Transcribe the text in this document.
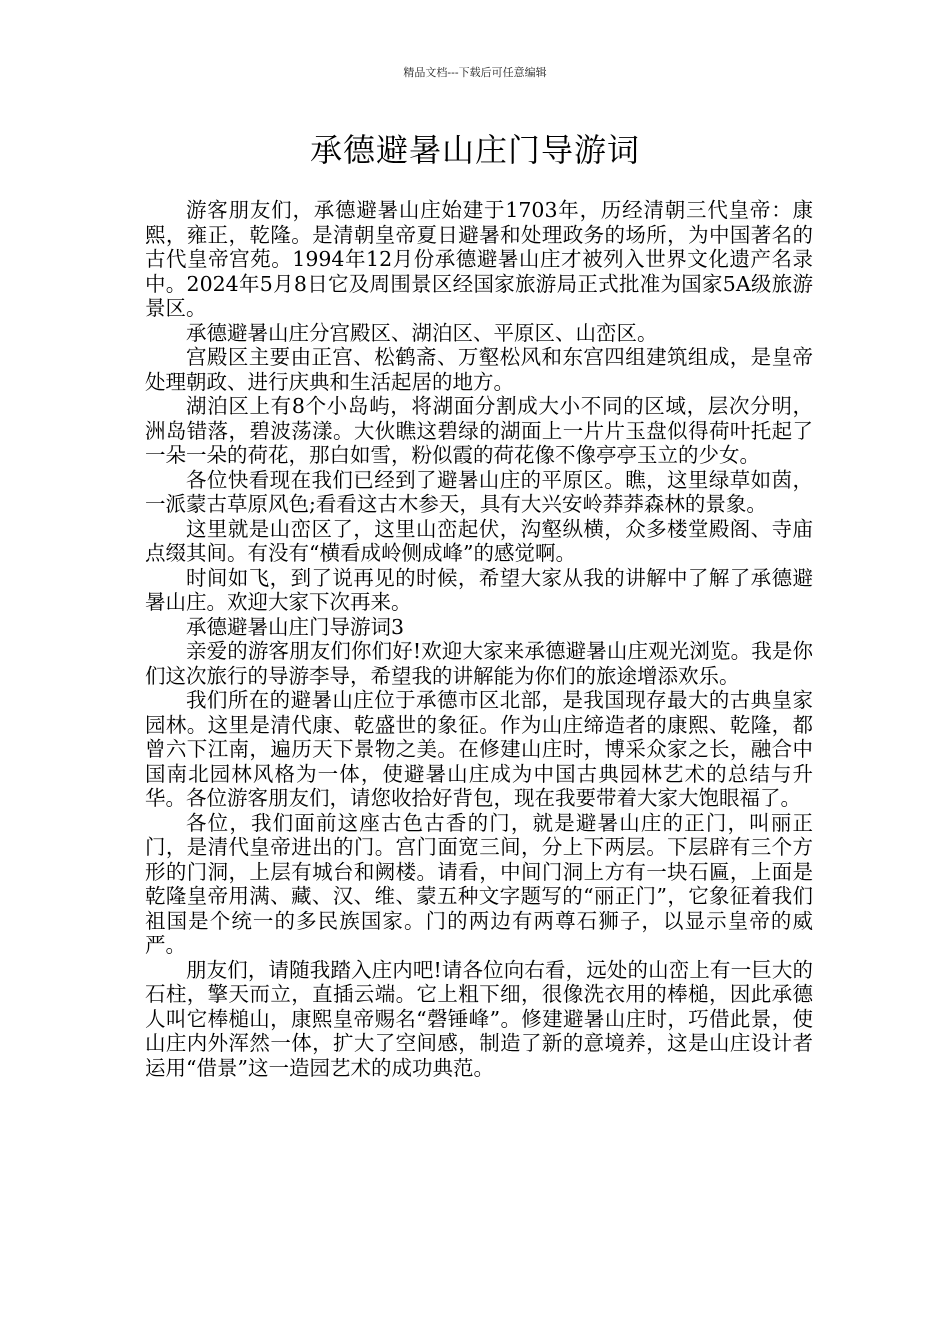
精品文档---下载后可任意编辑
承德避暑山庄门导游词

游客朋友们，承德避暑山庄始建于1703年，历经清朝三代皇帝：康熙，雍正，乾隆。是清朝皇帝夏日避暑和处理政务的场所，为中国著名的古代皇帝宫苑。1994年12月份承德避暑山庄才被列入世界文化遗产名录中。2024年5月8日它及周围景区经国家旅游局正式批准为国家5A级旅游景区。

承德避暑山庄分宫殿区、湖泊区、平原区、山峦区。

宫殿区主要由正宫、松鹤斋、万壑松风和东宫四组建筑组成，是皇帝处理朝政、进行庆典和生活起居的地方。

湖泊区上有8个小岛屿，将湖面分割成大小不同的区域，层次分明，洲岛错落，碧波荡漾。大伙瞧这碧绿的湖面上一片片玉盘似得荷叶托起了一朵一朵的荷花，那白如雪，粉似霞的荷花像不像亭亭玉立的少女。

各位快看现在我们已经到了避暑山庄的平原区。瞧，这里绿草如茵，一派蒙古草原风色;看看这古木参天，具有大兴安岭莽莽森林的景象。

这里就是山峦区了，这里山峦起伏，沟壑纵横，众多楼堂殿阁、寺庙点缀其间。有没有“横看成岭侧成峰”的感觉啊。

时间如飞，到了说再见的时候，希望大家从我的讲解中了解了承德避暑山庄。欢迎大家下次再来。

承德避暑山庄门导游词3

亲爱的游客朋友们你们好!欢迎大家来承德避暑山庄观光浏览。我是你们这次旅行的导游李导，希望我的讲解能为你们的旅途增添欢乐。

我们所在的避暑山庄位于承德市区北部，是我国现存最大的古典皇家园林。这里是清代康、乾盛世的象征。作为山庄缔造者的康熙、乾隆，都曾六下江南，遍历天下景物之美。在修建山庄时，博采众家之长，融合中国南北园林风格为一体，使避暑山庄成为中国古典园林艺术的总结与升华。各位游客朋友们，请您收拾好背包，现在我要带着大家大饱眼福了。

各位，我们面前这座古色古香的门，就是避暑山庄的正门，叫丽正门，是清代皇帝进出的门。宫门面宽三间，分上下两层。下层辟有三个方形的门洞，上层有城台和阙楼。请看，中间门洞上方有一块石匾，上面是乾隆皇帝用满、藏、汉、维、蒙五种文字题写的“丽正门”，它象征着我们祖国是个统一的多民族国家。门的两边有两尊石狮子，以显示皇帝的威严。

朋友们，请随我踏入庄内吧!请各位向右看，远处的山峦上有一巨大的石柱，擎天而立，直插云端。它上粗下细，很像洗衣用的棒槌，因此承德人叫它棒槌山，康熙皇帝赐名“磬锤峰”。修建避暑山庄时，巧借此景，使山庄内外浑然一体，扩大了空间感，制造了新的意境养，这是山庄设计者运用“借景”这一造园艺术的成功典范。
